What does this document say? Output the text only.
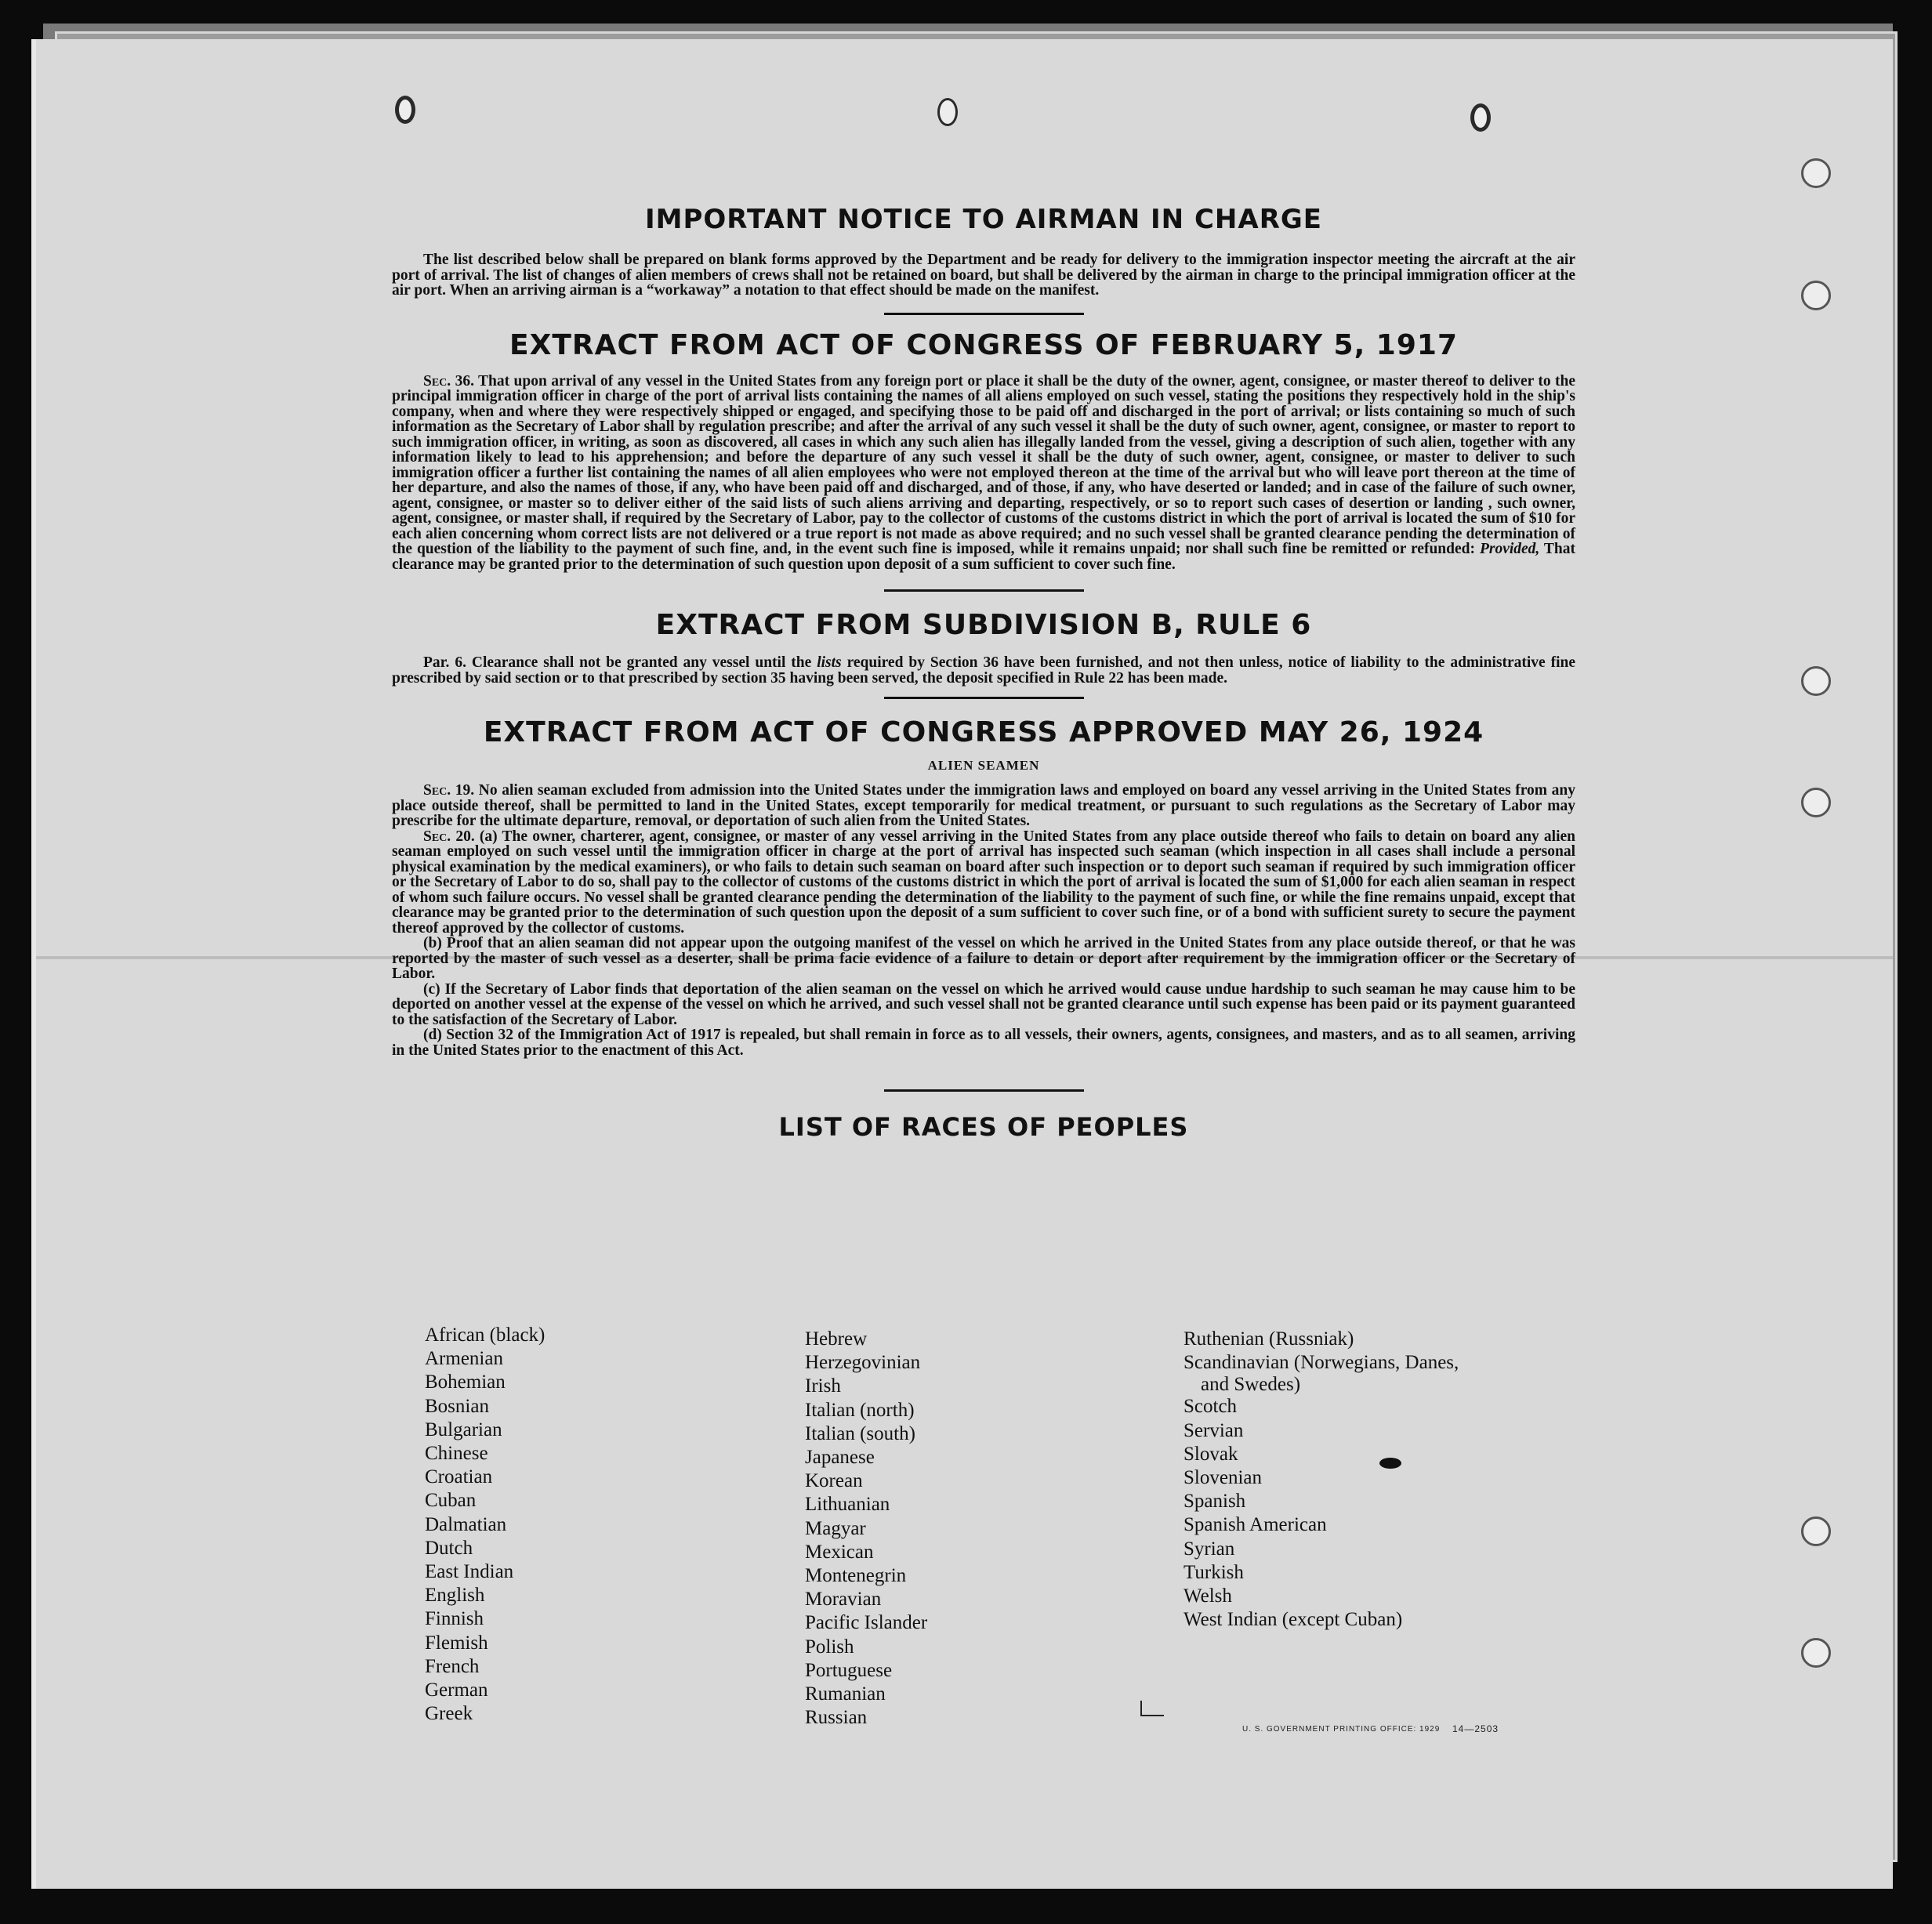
IMPORTANT NOTICE TO AIRMAN IN CHARGE

The list described below shall be prepared on blank forms approved by the Department and be ready for delivery to the immigration inspector meeting the aircraft at the air port of arrival. The list of changes of alien members of crews shall not be retained on board, but shall be delivered by the airman in charge to the principal immigration officer at the air port. When an arriving airman is a “workaway” a notation to that effect should be made on the manifest.

EXTRACT FROM ACT OF CONGRESS OF FEBRUARY 5, 1917

Sec. 36. That upon arrival of any vessel in the United States from any foreign port or place it shall be the duty of the owner, agent, consignee, or master thereof to deliver to the principal immigration officer in charge of the port of arrival lists containing the names of all aliens employed on such vessel, stating the positions they respectively hold in the ship's company, when and where they were respectively shipped or engaged, and specifying those to be paid off and discharged in the port of arrival; or lists containing so much of such information as the Secretary of Labor shall by regulation prescribe; and after the arrival of any such vessel it shall be the duty of such owner, agent, consignee, or master to report to such immigration officer, in writing, as soon as discovered, all cases in which any such alien has illegally landed from the vessel, giving a description of such alien, together with any information likely to lead to his apprehension; and before the departure of any such vessel it shall be the duty of such owner, agent, consignee, or master to deliver to such immigration officer a further list containing the names of all alien employees who were not employed thereon at the time of the arrival but who will leave port thereon at the time of her departure, and also the names of those, if any, who have been paid off and discharged, and of those, if any, who have deserted or landed; and in case of the failure of such owner, agent, consignee, or master so to deliver either of the said lists of such aliens arriving and departing, respectively, or so to report such cases of desertion or landing , such owner, agent, consignee, or master shall, if required by the Secretary of Labor, pay to the collector of customs of the customs district in which the port of arrival is located the sum of $10 for each alien concerning whom correct lists are not delivered or a true report is not made as above required; and no such vessel shall be granted clearance pending the determination of the question of the liability to the payment of such fine, and, in the event such fine is imposed, while it remains unpaid; nor shall such fine be remitted or refunded: Provided, That clearance may be granted prior to the determination of such question upon deposit of a sum sufficient to cover such fine.

EXTRACT FROM SUBDIVISION B, RULE 6

Par. 6. Clearance shall not be granted any vessel until the lists required by Section 36 have been furnished, and not then unless, notice of liability to the administrative fine prescribed by said section or to that prescribed by section 35 having been served, the deposit specified in Rule 22 has been made.

EXTRACT FROM ACT OF CONGRESS APPROVED MAY 26, 1924
ALIEN SEAMEN

Sec. 19. No alien seaman excluded from admission into the United States under the immigration laws and employed on board any vessel arriving in the United States from any place outside thereof, shall be permitted to land in the United States, except temporarily for medical treatment, or pursuant to such regulations as the Secretary of Labor may prescribe for the ultimate departure, removal, or deportation of such alien from the United States.

Sec. 20. (a) The owner, charterer, agent, consignee, or master of any vessel arriving in the United States from any place outside thereof who fails to detain on board any alien seaman employed on such vessel until the immigration officer in charge at the port of arrival has inspected such seaman (which inspection in all cases shall include a personal physical examination by the medical examiners), or who fails to detain such seaman on board after such inspection or to deport such seaman if required by such immigration officer or the Secretary of Labor to do so, shall pay to the collector of customs of the customs district in which the port of arrival is located the sum of $1,000 for each alien seaman in respect of whom such failure occurs. No vessel shall be granted clearance pending the determination of the liability to the payment of such fine, or while the fine remains unpaid, except that clearance may be granted prior to the determination of such question upon the deposit of a sum sufficient to cover such fine, or of a bond with sufficient surety to secure the payment thereof approved by the collector of customs.

(b) Proof that an alien seaman did not appear upon the outgoing manifest of the vessel on which he arrived in the United States from any place outside thereof, or that he was reported by the master of such vessel as a deserter, shall be prima facie evidence of a failure to detain or deport after requirement by the immigration officer or the Secretary of Labor.

(c) If the Secretary of Labor finds that deportation of the alien seaman on the vessel on which he arrived would cause undue hardship to such seaman he may cause him to be deported on another vessel at the expense of the vessel on which he arrived, and such vessel shall not be granted clearance until such expense has been paid or its payment guaranteed to the satisfaction of the Secretary of Labor.

(d) Section 32 of the Immigration Act of 1917 is repealed, but shall remain in force as to all vessels, their owners, agents, consignees, and masters, and as to all seamen, arriving in the United States prior to the enactment of this Act.

LIST OF RACES OF PEOPLES
African (black)
Armenian
Bohemian
Bosnian
Bulgarian
Chinese
Croatian
Cuban
Dalmatian
Dutch
East Indian
English
Finnish
Flemish
French
German
Greek
Hebrew
Herzegovinian
Irish
Italian (north)
Italian (south)
Japanese
Korean
Lithuanian
Magyar
Mexican
Montenegrin
Moravian
Pacific Islander
Polish
Portuguese
Rumanian
Russian
Ruthenian (Russniak)
Scandinavian (Norwegians, Danes,
and Swedes)
Scotch
Servian
Slovak
Slovenian
Spanish
Spanish American
Syrian
Turkish
Welsh
West Indian (except Cuban)
U. S. GOVERNMENT PRINTING OFFICE: 1929 14—2503
